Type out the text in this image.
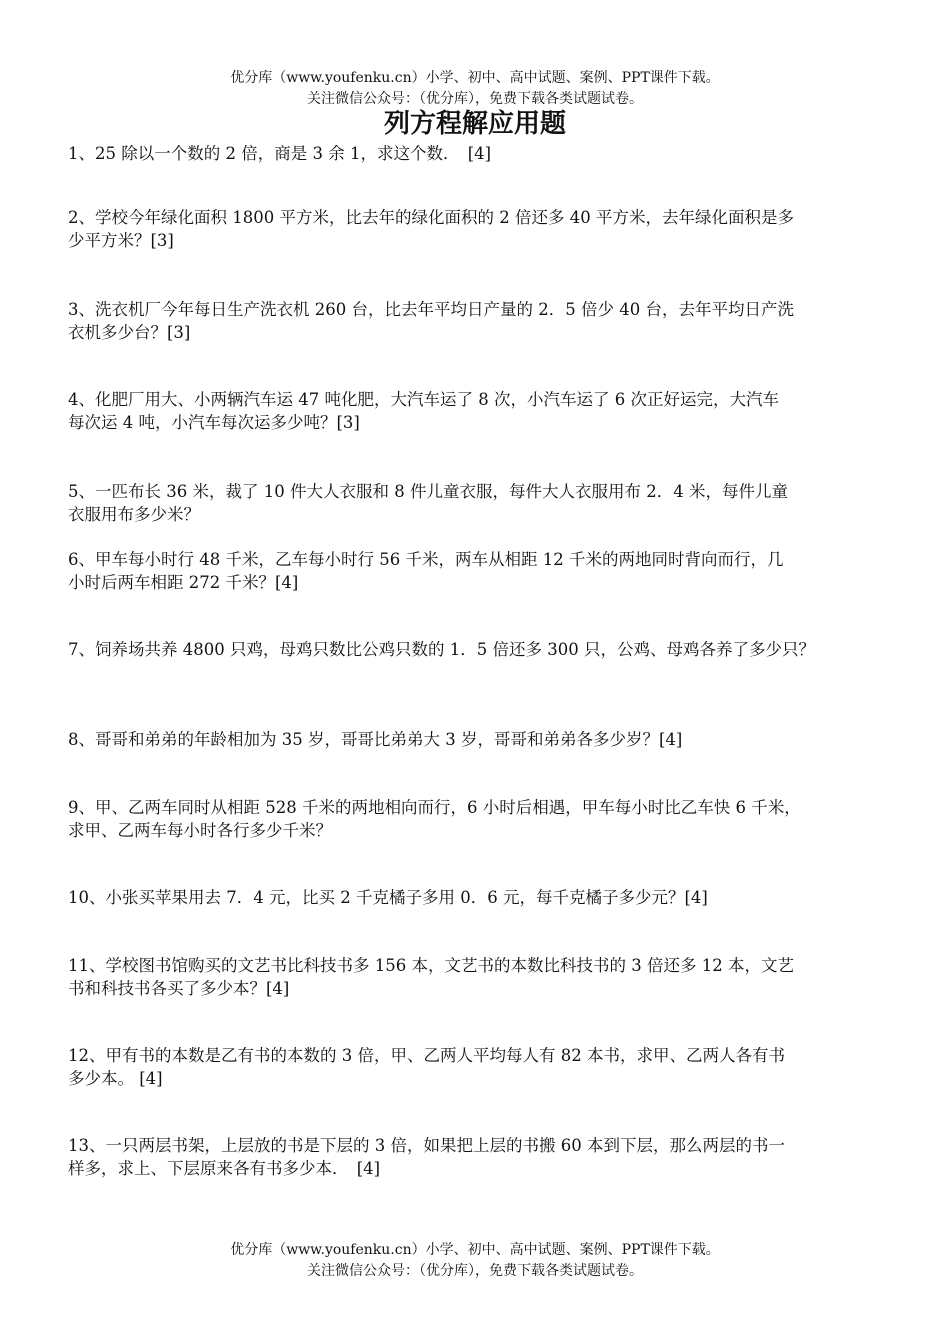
优分库（www.youfenku.cn）小学、初中、高中试题、案例、PPT课件下载。
关注微信公众号：（优分库），免费下载各类试题试卷。
列方程解应用题
1、25 除以一个数的 2 倍，商是 3 余 1，求这个数．　[4]
2、学校今年绿化面积 1800 平方米，比去年的绿化面积的 2 倍还多 40 平方米，去年绿化面积是多
少平方米？[3]
3、洗衣机厂今年每日生产洗衣机 260 台，比去年平均日产量的 2．5 倍少 40 台，去年平均日产洗
衣机多少台？[3]
4、化肥厂用大、小两辆汽车运 47 吨化肥，大汽车运了 8 次，小汽车运了 6 次正好运完，大汽车
每次运 4 吨，小汽车每次运多少吨？[3]
5、一匹布长 36 米，裁了 10 件大人衣服和 8 件儿童衣服，每件大人衣服用布 2．4 米，每件儿童
衣服用布多少米？
6、甲车每小时行 48 千米，乙车每小时行 56 千米，两车从相距 12 千米的两地同时背向而行，几
小时后两车相距 272 千米？[4]
7、饲养场共养 4800 只鸡，母鸡只数比公鸡只数的 1．5 倍还多 300 只，公鸡、母鸡各养了多少只？
8、哥哥和弟弟的年龄相加为 35 岁，哥哥比弟弟大 3 岁，哥哥和弟弟各多少岁？[4]
9、甲、乙两车同时从相距 528 千米的两地相向而行，6 小时后相遇，甲车每小时比乙车快 6 千米，
求甲、乙两车每小时各行多少千米？
10、小张买苹果用去 7．4 元，比买 2 千克橘子多用 0．6 元，每千克橘子多少元？[4]
11、学校图书馆购买的文艺书比科技书多 156 本，文艺书的本数比科技书的 3 倍还多 12 本，文艺
书和科技书各买了多少本？[4]
12、甲有书的本数是乙有书的本数的 3 倍，甲、乙两人平均每人有 82 本书，求甲、乙两人各有书
多少本。 [4]
13、一只两层书架，上层放的书是下层的 3 倍，如果把上层的书搬 60 本到下层，那么两层的书一
样多，求上、下层原来各有书多少本．　[4]
优分库（www.youfenku.cn）小学、初中、高中试题、案例、PPT课件下载。
关注微信公众号：（优分库），免费下载各类试题试卷。
